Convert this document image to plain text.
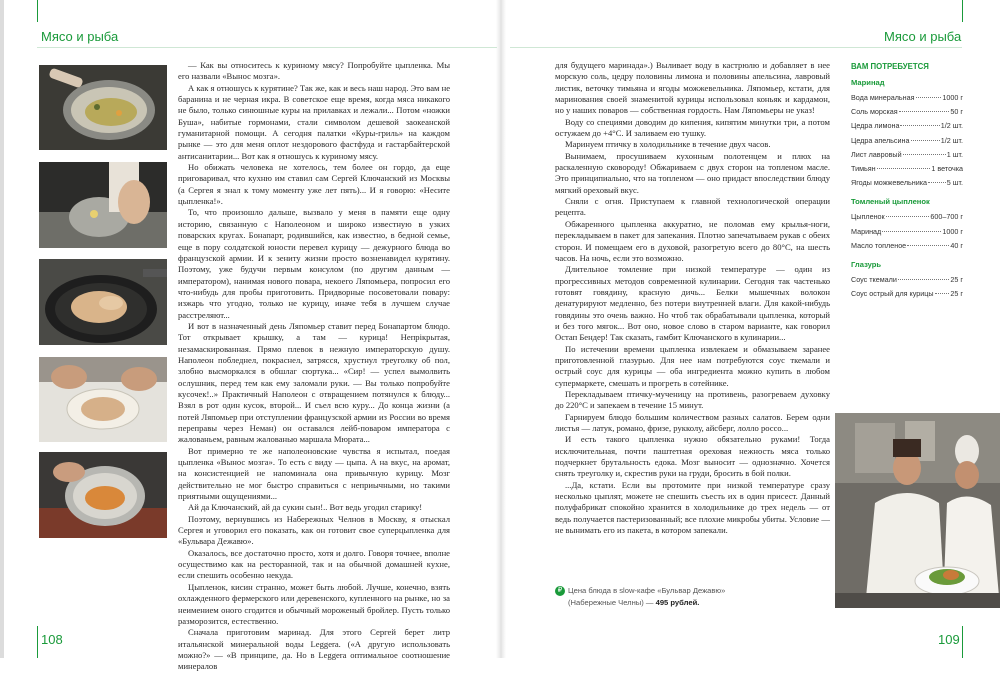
Мясо и рыба	Мясо и рыба

— Как вы относитесь к куриному мясу? Попробуйте цыпленка. Мы его назвали «Вынос мозга».

А как я отношусь к курятине? Так же, как и весь наш народ. Это вам не баранина и не черная икра. В советское еще время, когда мяса никакого не было, только синюшные куры на прилавках и лежали... Потом «ножки Буша», набитые гормонами, стали символом дешевой заокеанской гуманитарной помощи. А сегодня палатки «Куры-гриль» на каждом рынке — это для меня оплот нездорового фастфуда и гастарбайтерской антисанитарии... Вот как я отношусь к куриному мясу.

Но обижать человека не хотелось, тем более он гордо, да еще приговаривал, что кухню им ставил сам Сергей Ключанский из Москвы (а Сергея я знал к тому моменту уже лет пять)... И я говорю: «Несите цыпленка!».

То, что произошло дальше, вызвало у меня в памяти еще одну историю, связанную с Наполеоном и широко известную в узких поварских кругах. Бонапарт, родившийся, как известно, в бедной семье, еще в пору солдатской юности перевел курицу — дежурного блюда во французской армии. И к зениту жизни просто возненавидел курятину. Поэтому, уже будучи первым консулом (по другим данным — императором), нанимая нового повара, некоего Ляпомьера, попросил его что-нибудь для пробы приготовить. Придворные посоветовали повару: изжарь что угодно, только не курицу, иначе тебя в лучшем случае расстреляют...

И вот в назначенный день Ляпомьер ставит перед Бонапартом блюдо. Тот открывает крышку, а там — курица! Непрікрытая, незамаскированная. Прямо плевок в нежную императорскую душу. Наполеон побледнел, покраснел, затрясся, хрустнул треуголку об пол, злобно высморкался в обшлаг сюртука... «Сир! — успел вымолвить ослушник, перед тем как ему заломали руки. — Вы только попробуйте кусочек!..» Практичный Наполеон с отвращением потянулся к блюду... Взял в рот один кусок, второй... И съел всю куру... До конца жизни (а потей Ляпомьер при отступлении французской армии из России во время переправы через Неман) он оставался лейб-поваром императора с жалованьем, равным жалованью маршала Мюрата...

Вот примерно те же наполеоновские чувства я испытал, поедая цыпленка «Вынос мозга». То есть с виду — цыпа. А на вкус, на аромат, на консистенцией не напоминала она привычную курицу. Мозг действительно не мог быстро справиться с неприычными, но такими приятными ощущениями...

Ай да Ключанский, ай да сукин сын!.. Вот ведь угодил старику!

Поэтому, вернувшись из Набережных Челнов в Москву, я отыскал Сергея и уговорил его показать, как он готовит свое суперцыпленка для «Бульвара Дежавю».

Оказалось, все достаточно просто, хотя и долго. Говоря точнее, вполне осуществимо как на ресторанной, так и на обычной домашней кухне, если спешить особенно некуда.

Цыпленок, кисин странно, может быть любой. Лучше, конечно, взять охлажденного фермерского или деревенского, купленного на рынке, но за неимением оного сгодится и обычный мороженый бройлер. Пусть только разморозится, естественно.

Сначала приготовим маринад. Для этого Сергей берет литр итальянской минеральной воды Leggera. («А другую использовать можно?» — «В принципе, да. Но в Leggera оптимальное соотношение минералов

для будущего маринада».) Выливает воду в кастрюлю и добавляет в нее морскую соль, цедру половины лимона и половины апельсина, лавровый листик, веточку тимьяна и ягоды можжевельника. Ляпомьер, кстати, для маринования своей знаменитой курицы использовал коньяк и кардамон, но у наших поваров — собственная гордость. Нам Ляпомьеры не указ!

Воду со специями доводим до кипения, кипятим минутки три, а потом остужаем до +4°C. И заливаем ею тушку.

Маринуем птичку в холодильнике в течение двух часов.

Вынимаем, просушиваем кухонным полотенцем и плюх на раскаленную сковороду! Обжариваем с двух сторон на топленом масле. Это принципиально, что на топленом — оно придаст впоследствии блюду мягкий ореховый вкус.

Сняли с огня. Приступаем к главной технологической операции рецепта.

Обжаренного цыпленка аккуратно, не поломав ему крылья-ноги, перекладываем в пакет для запекания. Плотно запечатываем рукав с обеих сторон. И помещаем его в духовой, разогретую всего до 80°С, на шесть часов. На ночь, если это возможно.

Длительное томление при низкой температуре — один из прогрессивных методов современной кулинарии. Сегодня так частенько готовят говядину, красную дичь... Белки мышечных волокон денатурируют медленно, без потери внутренней влаги. Для какой-нибудь говядины это очень важно. Но чтоб так обрабатывали цыпленка, который и без того мягок... Вот оно, новое слово в старом варианте, как говорил Остап Бендер! Так сказать, гамбит Ключанского в кулинарии...

По истечении времени цыпленка извлекаем и обмазываем заранее приготовленной глазурью. Для нее нам потребуются соус ткемали и острый соус для курицы — оба ингредиента можно купить в любом супермаркете, смешать и прогреть в сотейнике.

Перекладываем птичку-мученицу на противень, разогреваем духовку до 220°С и запекаем в течение 15 минут.

Гарнируем блюдо большим количеством разных салатов. Берем одни листья — латук, романо, фризе, рукколу, айсберг, лолло россо...

И есть такого цыпленка нужно обязательно руками! Тогда исключительная, почти паштетная ореховая нежность мяса только подчеркнет брутальность едока. Мозг выносит — однозначно. Хочется снять треуголку и, скрестив руки на груди, бросить в бой полки.

...Да, кстати. Если вы протомите при низкой температуре сразу несколько цыплят, можете не спешить съесть их в один присест. Данный полуфабрикат спокойно хранится в холодильнике до трех недель — от ведь получается пастеризованный; все плохие микробы убиты. Условие — не вынимать его из пакета, в котором запекали.

ВАМ ПОТРЕБУЕТСЯ
Маринад
Вода минеральная	1000 г
Соль морская	50 г
Цедра лимона	1/2 шт.
Цедра апельсина	1/2 шт.
Лист лавровый	1 шт.
Тимьян	1 веточка
Ягоды можжевельника	5 шт.
Томленый цыпленок
Цыпленок	600–700 г
Маринад	1000 г
Масло топленое	40 г
Глазурь
Соус ткемали	25 г
Соус острый для курицы 25 г
₽ Цена блюда в slow-кафе «Бульвар Дежавю»
(Набережные Челны) — 495 рублей.
108	109
